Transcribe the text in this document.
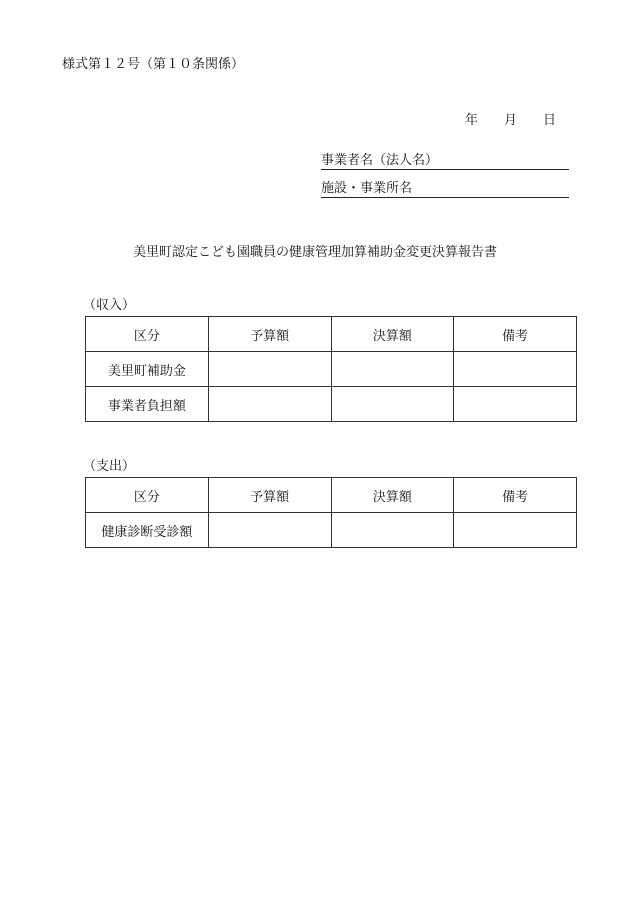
様式第１２号（第１０条関係）
年 月 日
事業者名（法人名）
施設・事業所名
美里町認定こども園職員の健康管理加算補助金変更決算報告書
（収入）
区分	予算額	決算額	備考
美里町補助金			
事業者負担額			
（支出）
区分	予算額	決算額	備考
健康診断受診額			
